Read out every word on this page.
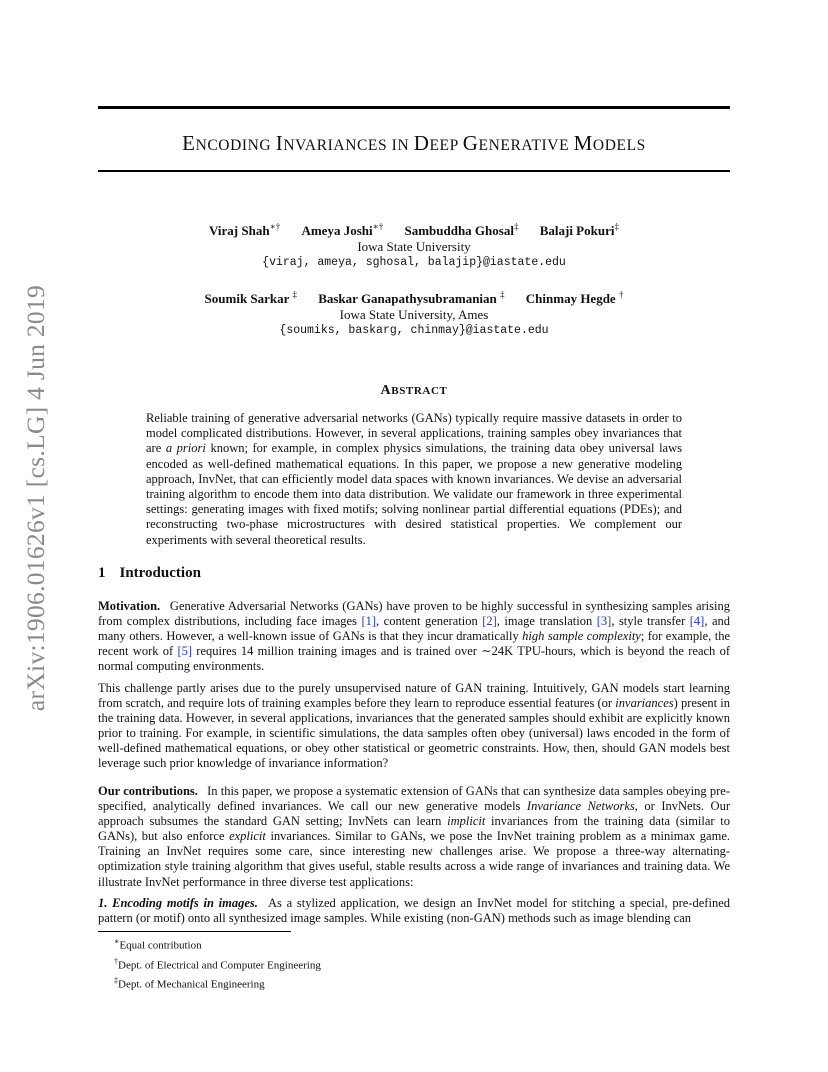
arXiv:1906.01626v1 [cs.LG] 4 Jun 2019
ENCODING INVARIANCES IN DEEP GENERATIVE MODELS
Viraj Shah∗† Ameya Joshi∗† Sambuddha Ghosal‡ Balaji Pokuri‡
Iowa State University
{viraj, ameya, sghosal, balajip}@iastate.edu
Soumik Sarkar ‡ Baskar Ganapathysubramanian ‡ Chinmay Hegde †
Iowa State University, Ames
{soumiks, baskarg, chinmay}@iastate.edu
ABSTRACT

Reliable training of generative adversarial networks (GANs) typically require massive datasets in order to model complicated distributions. However, in several applications, training samples obey invariances that are a priori known; for example, in complex physics simulations, the training data obey universal laws encoded as well-defined mathematical equations. In this paper, we propose a new generative modeling approach, InvNet, that can efficiently model data spaces with known invariances. We devise an adversarial training algorithm to encode them into data distribution. We validate our framework in three experimental settings: generating images with fixed motifs; solving nonlinear partial differential equations (PDEs); and reconstructing two-phase microstructures with desired statistical properties. We complement our experiments with several theoretical results.

1 Introduction

Motivation. Generative Adversarial Networks (GANs) have proven to be highly successful in synthesizing samples arising from complex distributions, including face images [1], content generation [2], image translation [3], style transfer [4], and many others. However, a well-known issue of GANs is that they incur dramatically high sample complexity; for example, the recent work of [5] requires 14 million training images and is trained over ∼24K TPU-hours, which is beyond the reach of normal computing environments.

This challenge partly arises due to the purely unsupervised nature of GAN training. Intuitively, GAN models start learning from scratch, and require lots of training examples before they learn to reproduce essential features (or invariances) present in the training data. However, in several applications, invariances that the generated samples should exhibit are explicitly known prior to training. For example, in scientific simulations, the data samples often obey (universal) laws encoded in the form of well-defined mathematical equations, or obey other statistical or geometric constraints. How, then, should GAN models best leverage such prior knowledge of invariance information?

Our contributions. In this paper, we propose a systematic extension of GANs that can synthesize data samples obeying pre-specified, analytically defined invariances. We call our new generative models Invariance Networks, or InvNets. Our approach subsumes the standard GAN setting; InvNets can learn implicit invariances from the training data (similar to GANs), but also enforce explicit invariances. Similar to GANs, we pose the InvNet training problem as a minimax game. Training an InvNet requires some care, since interesting new challenges arise. We propose a three-way alternating-optimization style training algorithm that gives useful, stable results across a wide range of invariances and training data. We illustrate InvNet performance in three diverse test applications:

1. Encoding motifs in images. As a stylized application, we design an InvNet model for stitching a special, pre-defined pattern (or motif) onto all synthesized image samples. While existing (non-GAN) methods such as image blending can

∗Equal contribution
†Dept. of Electrical and Computer Engineering
‡Dept. of Mechanical Engineering
